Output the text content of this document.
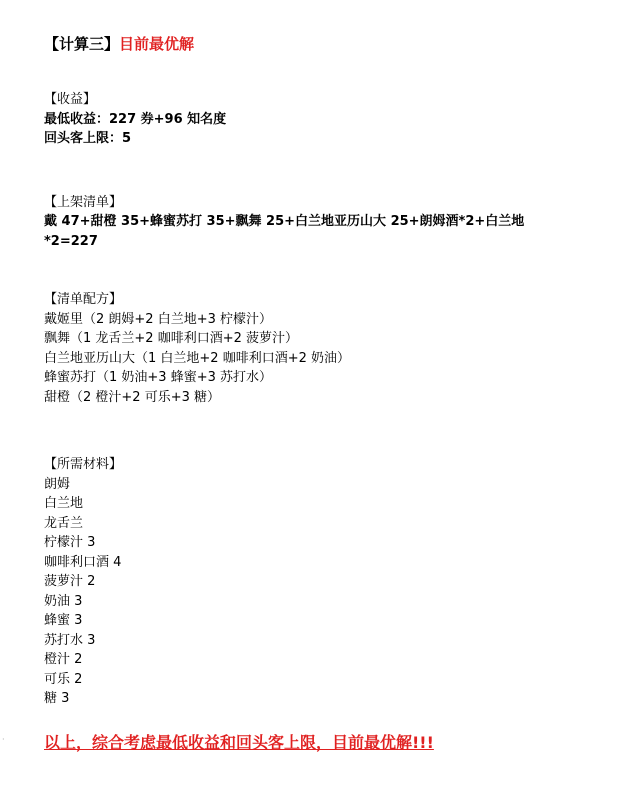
【计算三】目前最优解
【收益】
最低收益：227 券+96 知名度
回头客上限：5
【上架清单】
戴 47+甜橙 35+蜂蜜苏打 35+飘舞 25+白兰地亚历山大 25+朗姆酒*2+白兰地
*2=227
【清单配方】
戴姬里（2 朗姆+2 白兰地+3 柠檬汁）
飘舞（1 龙舌兰+2 咖啡利口酒+2 菠萝汁）
白兰地亚历山大（1 白兰地+2 咖啡利口酒+2 奶油）
蜂蜜苏打（1 奶油+3 蜂蜜+3 苏打水）
甜橙（2 橙汁+2 可乐+3 糖）
【所需材料】
朗姆
白兰地
龙舌兰
柠檬汁 3
咖啡利口酒 4
菠萝汁 2
奶油 3
蜂蜜 3
苏打水 3
橙汁 2
可乐 2
糖 3
· 以上，综合考虑最低收益和回头客上限，目前最优解!!!
